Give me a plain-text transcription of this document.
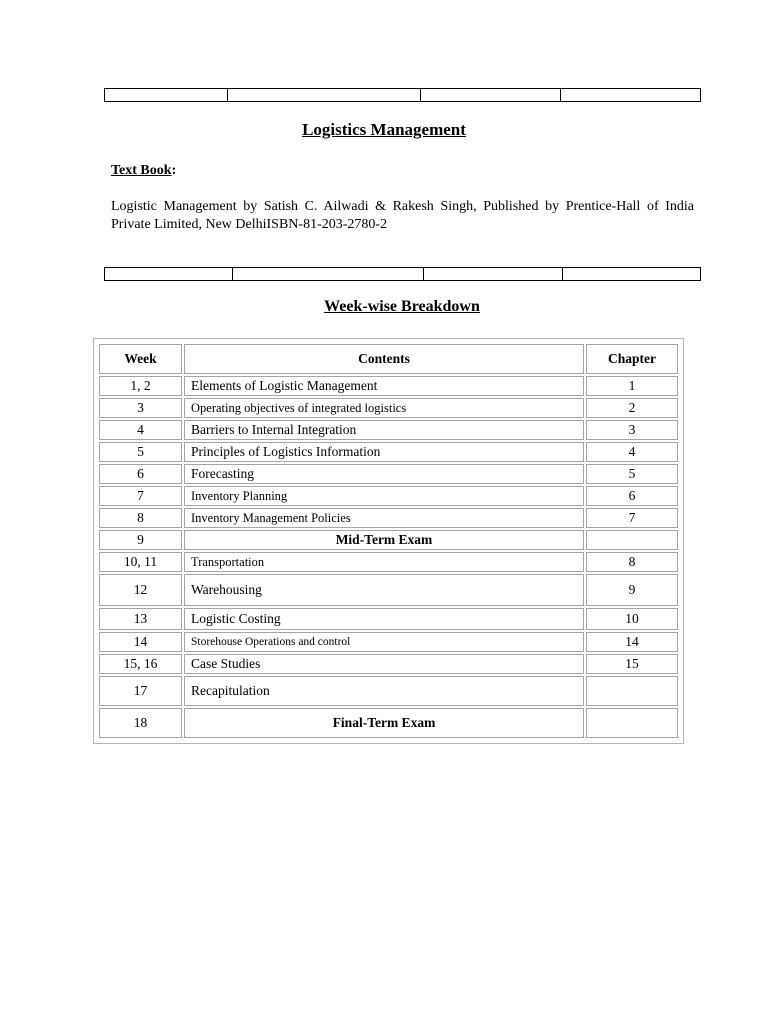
Logistics Management
Text Book:
Logistic Management by Satish C. Ailwadi & Rakesh Singh, Published by Prentice-Hall of India Private Limited, New DelhiISBN-81-203-2780-2
Week-wise Breakdown
Week	Contents	Chapter
1, 2	Elements of Logistic Management	1
3	Operating objectives of integrated logistics	2
4	Barriers to Internal Integration	3
5	Principles of Logistics Information	4
6	Forecasting	5
7	Inventory Planning	6
8	Inventory Management Policies	7
9	Mid-Term Exam
10, 11	Transportation	8
12	Warehousing	9
13	Logistic Costing	10
14	Storehouse Operations and control	14
15, 16	Case Studies	15
17	Recapitulation
18	Final-Term Exam
